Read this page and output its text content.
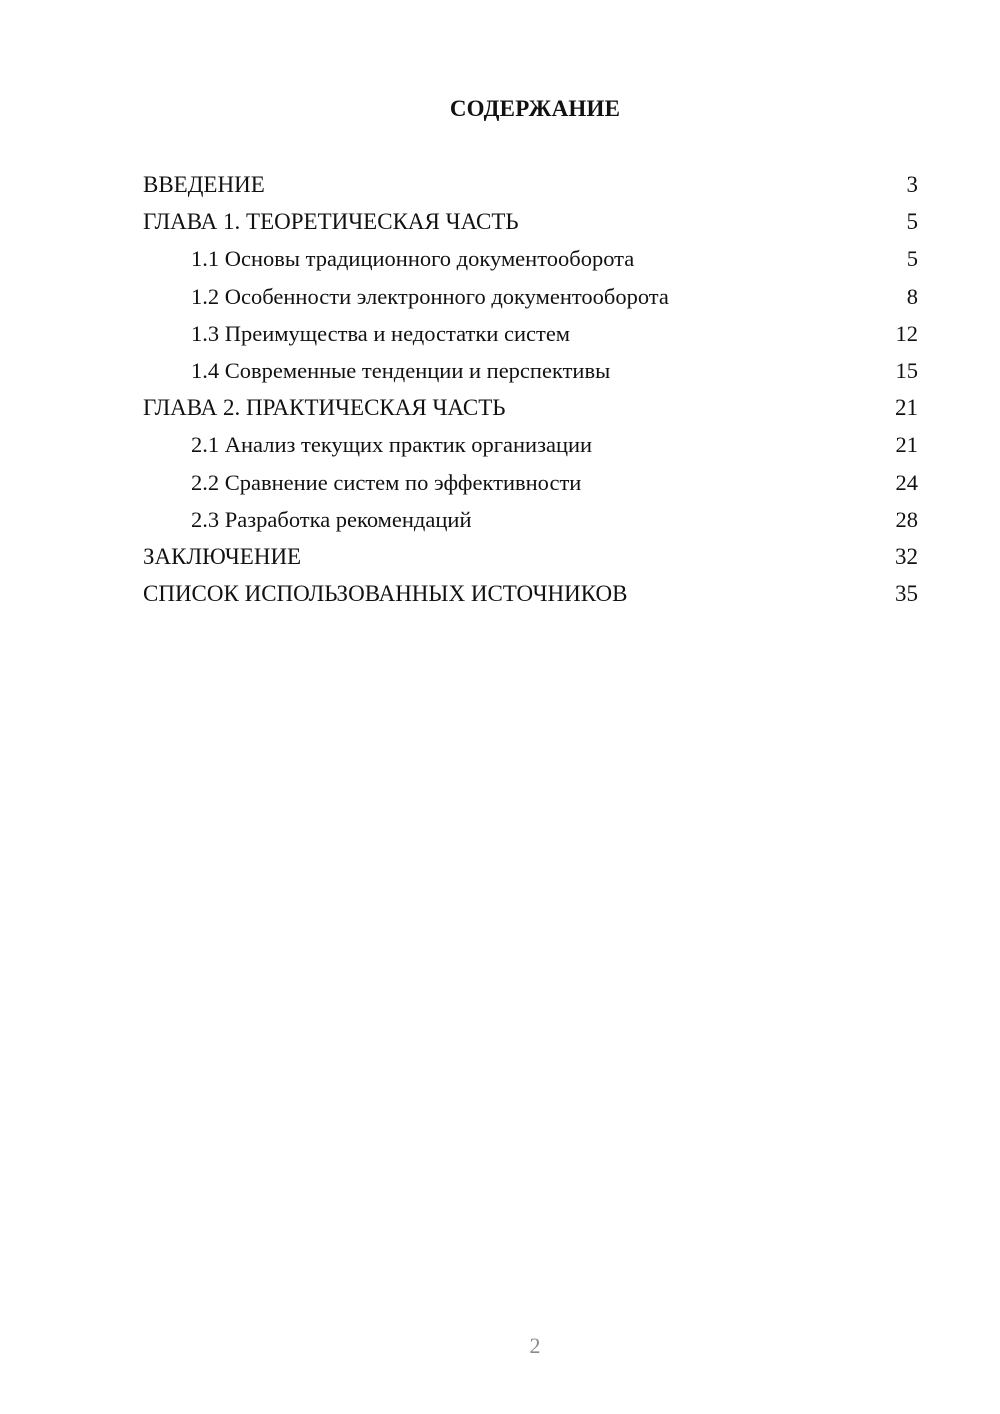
СОДЕРЖАНИЕ
ВВЕДЕНИЕ	3
ГЛАВА 1. ТЕОРЕТИЧЕСКАЯ ЧАСТЬ	5
1.1 Основы традиционного документооборота	5
1.2 Особенности электронного документооборота	8
1.3 Преимущества и недостатки систем	12
1.4 Современные тенденции и перспективы	15
ГЛАВА 2. ПРАКТИЧЕСКАЯ ЧАСТЬ	21
2.1 Анализ текущих практик организации	21
2.2 Сравнение систем по эффективности	24
2.3 Разработка рекомендаций	28
ЗАКЛЮЧЕНИЕ	32
СПИСОК ИСПОЛЬЗОВАННЫХ ИСТОЧНИКОВ	35
2
